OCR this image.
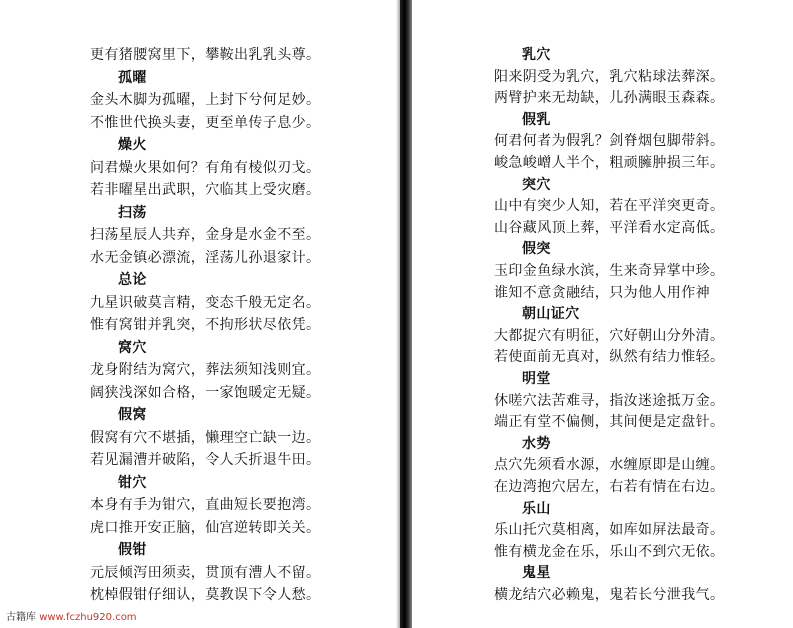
更有猪腰窝里下，攀鞍出乳乳头尊。
孤曜
金头木脚为孤曜，上封下兮何足妙。
不惟世代换头妻，更至单传子息少。
燥火
问君燥火果如何？有角有棱似刃戈。
若非曜星出武职，穴临其上受灾磨。
扫荡
扫荡星辰人共弃，金身是水金不至。
水无金镇必漂流，淫荡儿孙退家计。
总论
九星识破莫言精，变态千般无定名。
惟有窝钳并乳突，不拘形状尽依凭。
窝穴
龙身附结为窝穴，葬法须知浅则宜。
阔狭浅深如合格，一家饱暖定无疑。
假窝
假窝有穴不堪插，懒理空亡缺一边。
若见漏漕并破陷，令人夭折退牛田。
钳穴
本身有手为钳穴，直曲短长要抱湾。
虎口推开安正脑，仙宫逆转即关关。
假钳
元辰倾泻田须卖，贯顶有漕人不留。
枕棹假钳仔细认，莫教误下令人愁。
乳穴
阳来阴受为乳穴，乳穴粘球法葬深。
两臂护来无劫缺，儿孙满眼玉森森。
假乳
何君何者为假乳？剑脊烟包脚带斜。
峻急峻嶒人半个，粗顽臃肿损三年。
突穴
山中有突少人知，若在平洋突更奇。
山谷藏风顶上葬，平洋看水定高低。
假突
玉印金鱼绿水滨，生来奇异掌中珍。
谁知不意贪融结，只为他人用作神
朝山证穴
大都捉穴有明征，穴好朝山分外清。
若使面前无真对，纵然有结力惟轻。
明堂
休嗟穴法苦难寻，指汝迷途抵万金。
端正有堂不偏侧，其间便是定盘针。
水势
点穴先须看水源，水缠原即是山缠。
在边湾抱穴居左，右若有情在右边。
乐山
乐山托穴莫相离，如库如屏法最奇。
惟有横龙金在乐，乐山不到穴无依。
鬼星
横龙结穴必赖鬼，鬼若长兮泄我气。
古籍库 www.fczhu920.com
